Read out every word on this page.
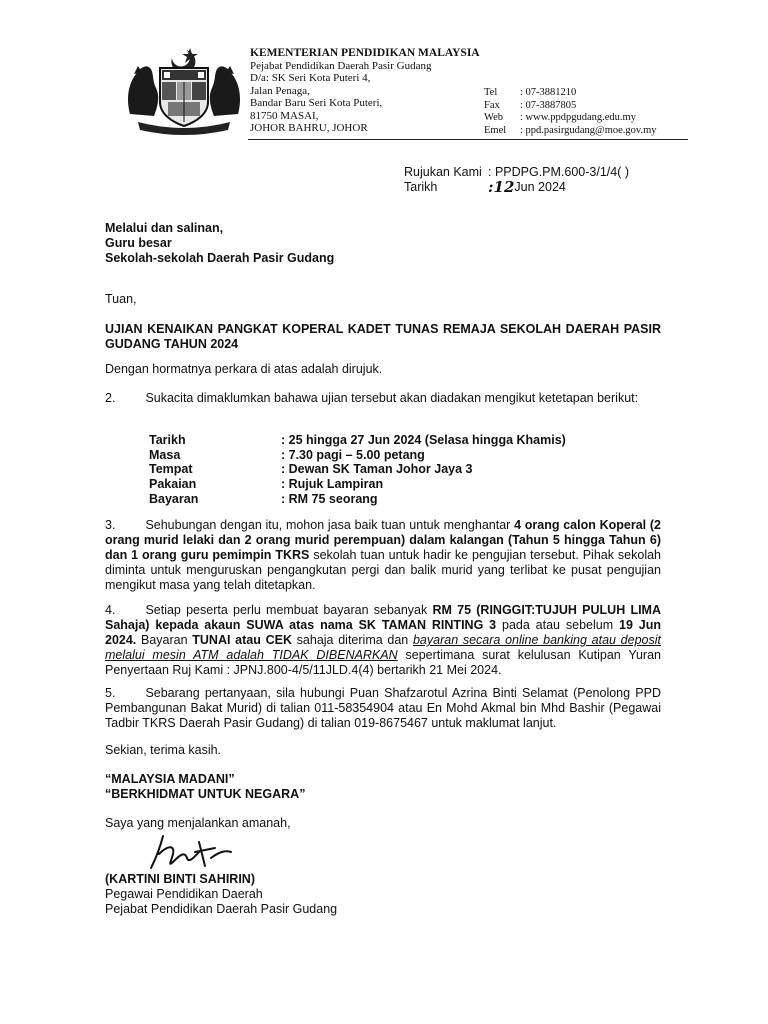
KEMENTERIAN PENDIDIKAN MALAYSIA
Pejabat Pendidikan Daerah Pasir Gudang
D/a: SK Seri Kota Puteri 4,
Jalan Penaga,
Bandar Baru Seri Kota Puteri,
81750 MASAI,
JOHOR BAHRU, JOHOR
Tel	: 07-3881210
Fax	: 07-3887805
Web	: www.ppdpgudang.edu.my
Emel	: ppd.pasirgudang@moe.gov.my
Rujukan Kami : PPDPG.PM.600-3/1/4( )
Tarikh	: 12 Jun 2024
Melalui dan salinan,
Guru besar
Sekolah-sekolah Daerah Pasir Gudang
Tuan,
UJIAN KENAIKAN PANGKAT KOPERAL KADET TUNAS REMAJA SEKOLAH DAERAH PASIR GUDANG TAHUN 2024
Dengan hormatnya perkara di atas adalah dirujuk.
2. Sukacita dimaklumkan bahawa ujian tersebut akan diadakan mengikut ketetapan berikut:
Tarikh	: 25 hingga 27 Jun 2024 (Selasa hingga Khamis)
Masa	: 7.30 pagi – 5.00 petang
Tempat	: Dewan SK Taman Johor Jaya 3
Pakaian	: Rujuk Lampiran
Bayaran	: RM 75 seorang
3. Sehubungan dengan itu, mohon jasa baik tuan untuk menghantar 4 orang calon Koperal (2 orang murid lelaki dan 2 orang murid perempuan) dalam kalangan (Tahun 5 hingga Tahun 6) dan 1 orang guru pemimpin TKRS sekolah tuan untuk hadir ke pengujian tersebut. Pihak sekolah diminta untuk menguruskan pengangkutan pergi dan balik murid yang terlibat ke pusat pengujian mengikut masa yang telah ditetapkan.
4. Setiap peserta perlu membuat bayaran sebanyak RM 75 (RINGGIT:TUJUH PULUH LIMA Sahaja) kepada akaun SUWA atas nama SK TAMAN RINTING 3 pada atau sebelum 19 Jun 2024. Bayaran TUNAI atau CEK sahaja diterima dan bayaran secara online banking atau deposit melalui mesin ATM adalah TIDAK DIBENARKAN sepertimana surat kelulusan Kutipan Yuran Penyertaan Ruj Kami : JPNJ.800-4/5/11JLD.4(4) bertarikh 21 Mei 2024.
5. Sebarang pertanyaan, sila hubungi Puan Shafzarotul Azrina Binti Selamat (Penolong PPD Pembangunan Bakat Murid) di talian 011-58354904 atau En Mohd Akmal bin Mhd Bashir (Pegawai Tadbir TKRS Daerah Pasir Gudang) di talian 019-8675467 untuk maklumat lanjut.
Sekian, terima kasih.
“MALAYSIA MADANI”
“BERKHIDMAT UNTUK NEGARA”
Saya yang menjalankan amanah,
(KARTINI BINTI SAHIRIN)
Pegawai Pendidikan Daerah
Pejabat Pendidikan Daerah Pasir Gudang
